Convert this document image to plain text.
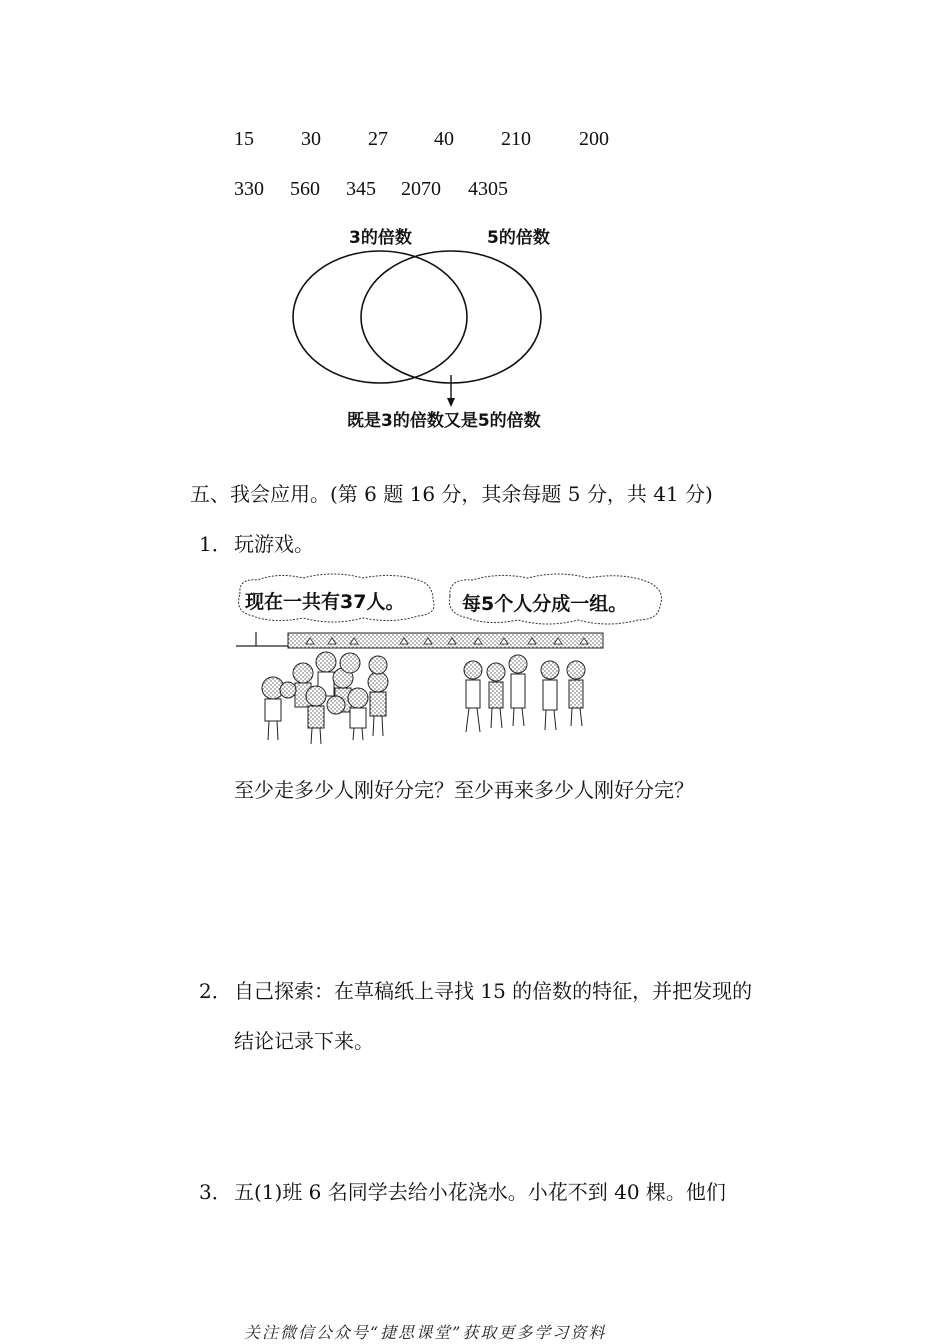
15 30 27 40 210 200
330 560 345 2070 4305
3的倍数	5的倍数
既是3的倍数又是5的倍数
五、我会应用。(第 6 题 16 分，其余每题 5 分，共 41 分)
1． 玩游戏。
现在一共有37人。	每5个人分成一组。
至少走多少人刚好分完？至少再来多少人刚好分完？
2． 自己探索：在草稿纸上寻找 15 的倍数的特征，并把发现的
结论记录下来。
3． 五(1)班 6 名同学去给小花浇水。小花不到 40 棵。他们
关注微信公众号“捷思课堂”获取更多学习资料
